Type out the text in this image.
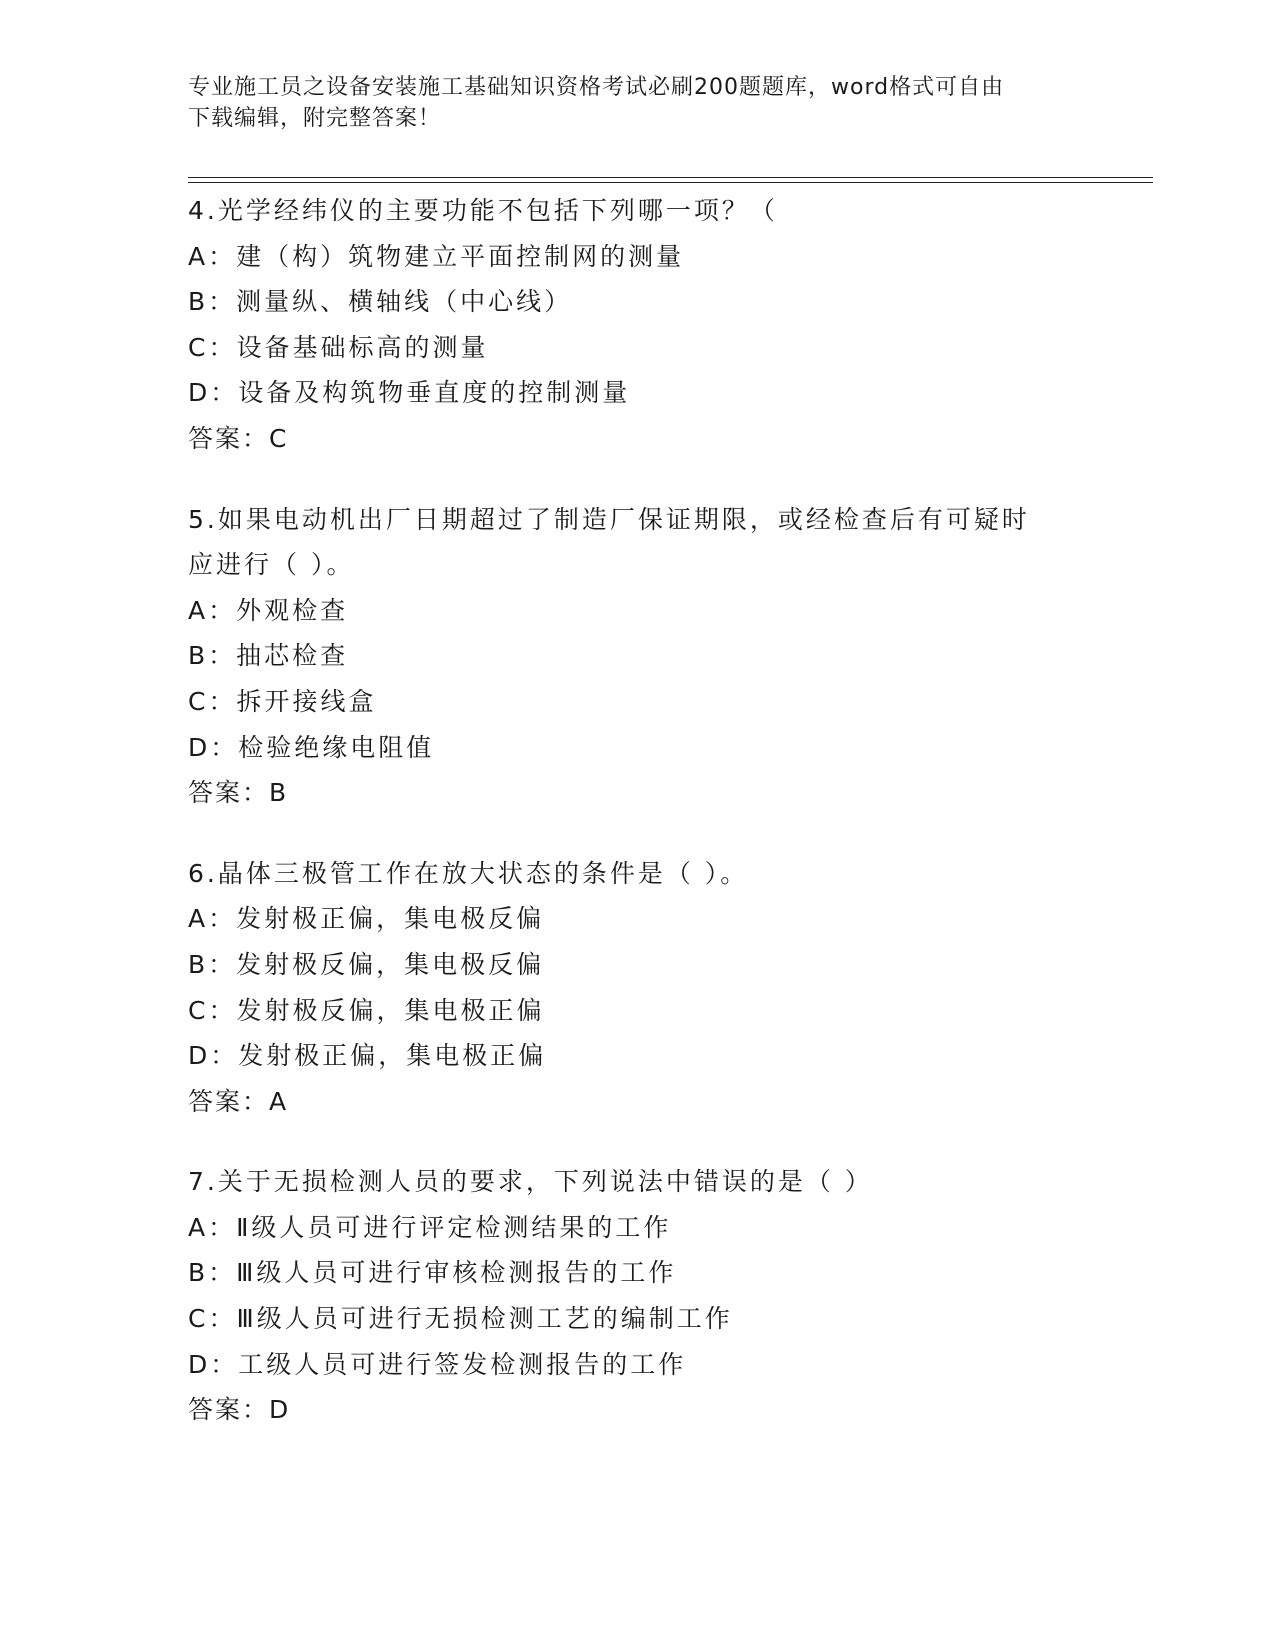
专业施工员之设备安装施工基础知识资格考试必刷200题题库，word格式可自由
下载编辑，附完整答案！
4.光学经纬仪的主要功能不包括下列哪一项？（
A：建（构）筑物建立平面控制网的测量
B：测量纵、横轴线（中心线）
C：设备基础标高的测量
D：设备及构筑物垂直度的控制测量
答案：C
5.如果电动机出厂日期超过了制造厂保证期限，或经检查后有可疑时
应进行（ ）。
A：外观检查
B：抽芯检查
C：拆开接线盒
D：检验绝缘电阻值
答案：B
6.晶体三极管工作在放大状态的条件是（ ）。
A：发射极正偏，集电极反偏
B：发射极反偏，集电极反偏
C：发射极反偏，集电极正偏
D：发射极正偏，集电极正偏
答案：A
7.关于无损检测人员的要求，下列说法中错误的是（ ）
A：Ⅱ级人员可进行评定检测结果的工作
B：Ⅲ级人员可进行审核检测报告的工作
C：Ⅲ级人员可进行无损检测工艺的编制工作
D：工级人员可进行签发检测报告的工作
答案：D
